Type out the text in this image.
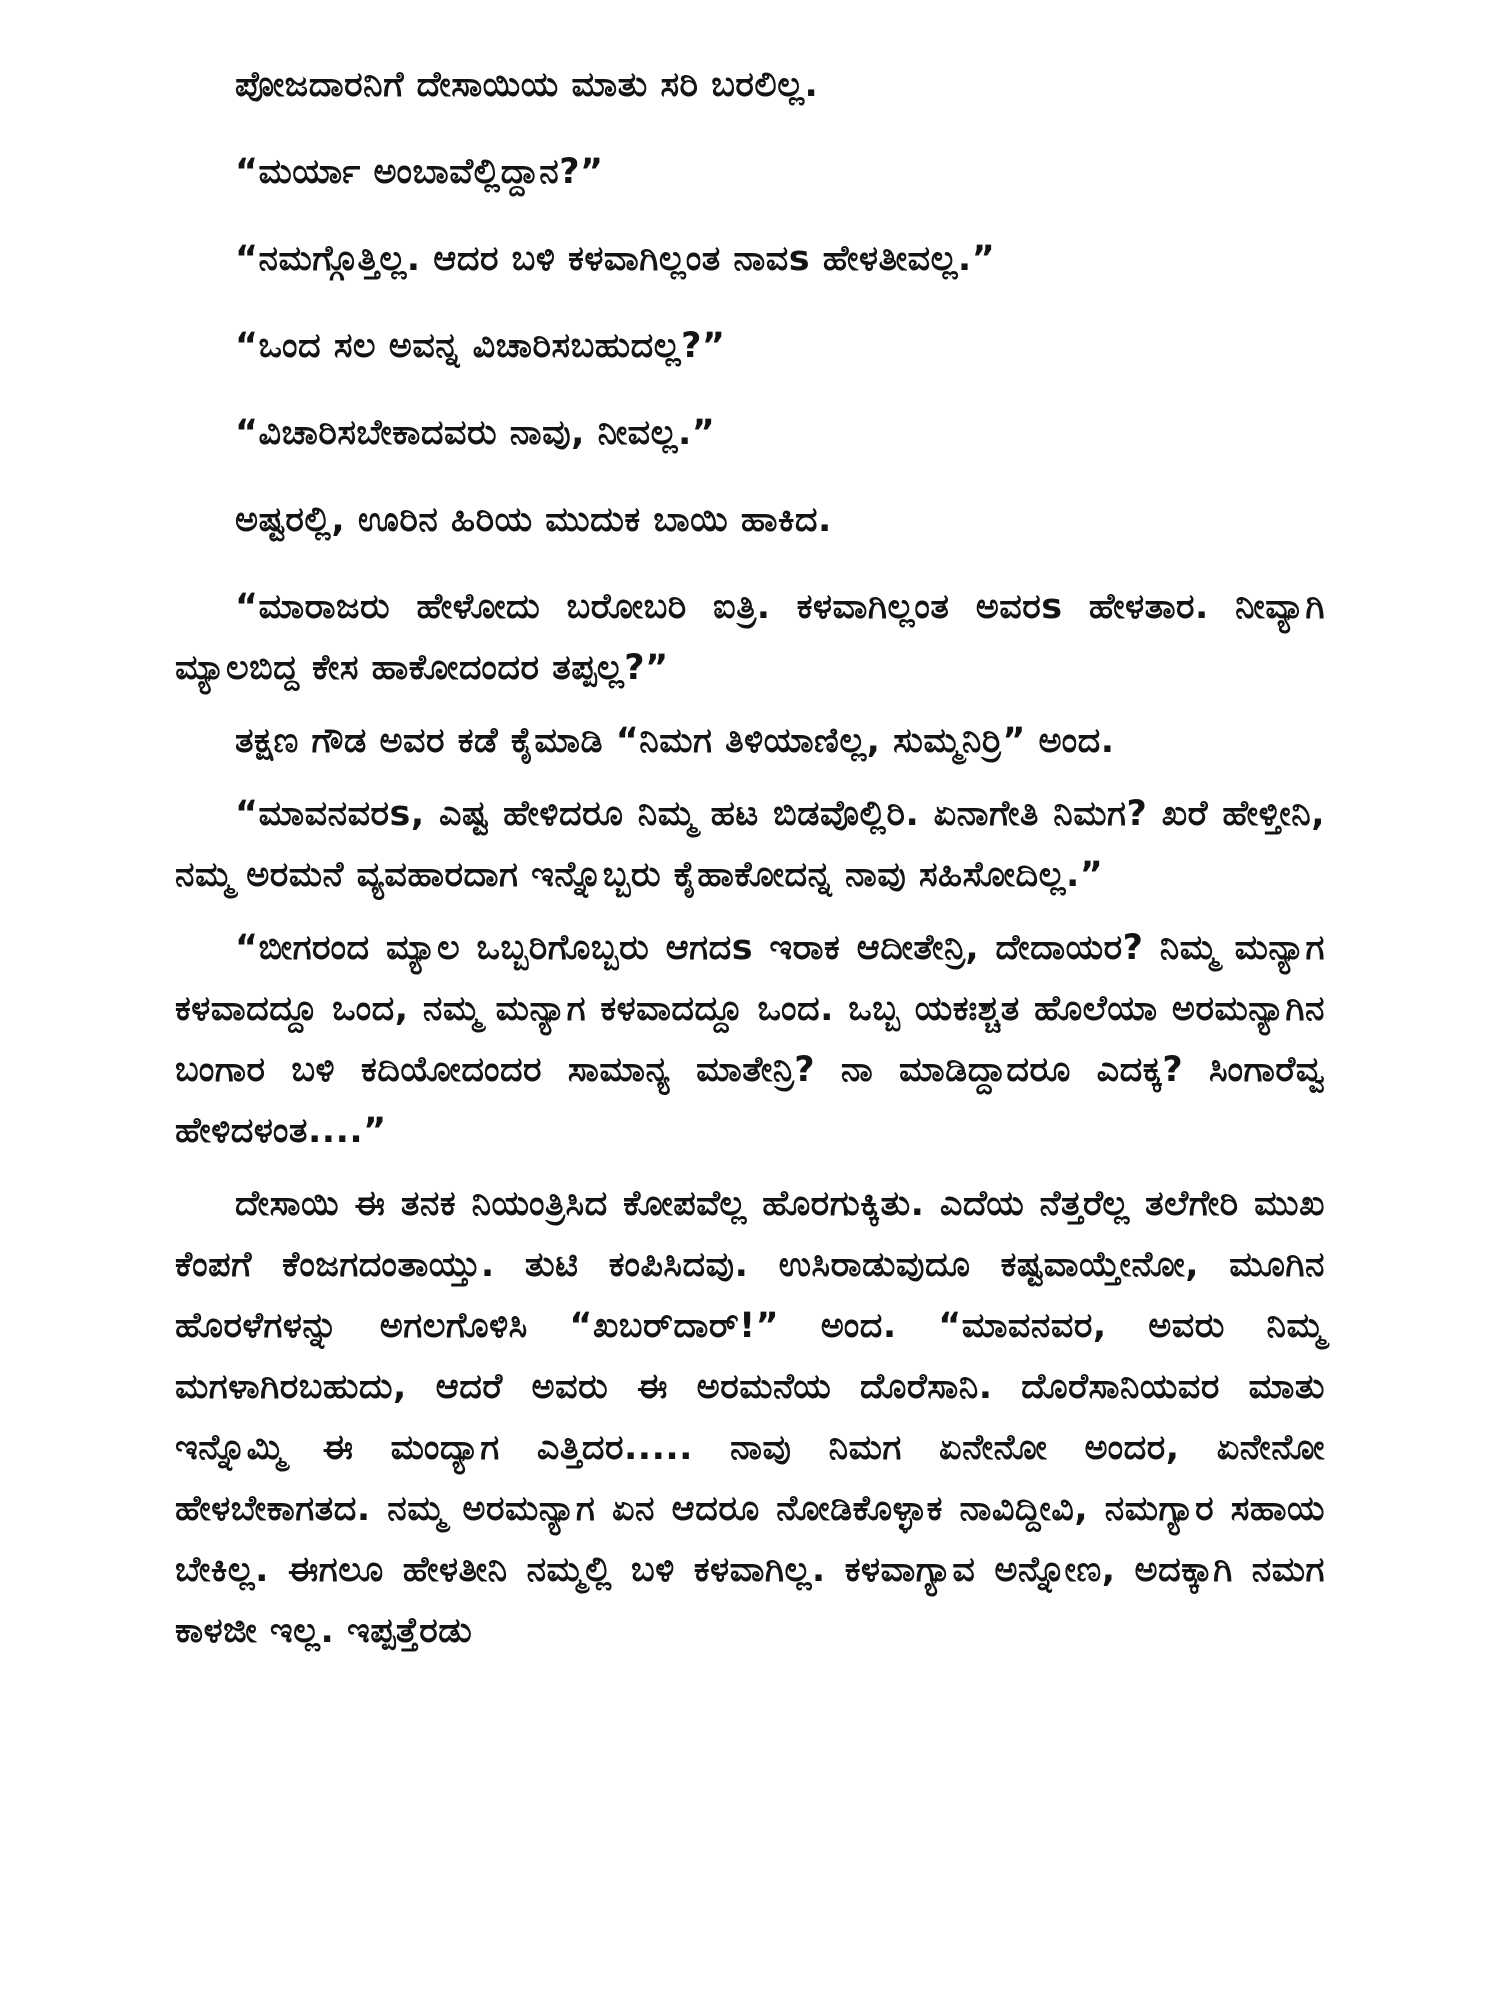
ಪೋಜದಾರನಿಗೆ ದೇಸಾಯಿಯ ಮಾತು ಸರಿ ಬರಲಿಲ್ಲ.

“ಮರ್ಯಾ ಅಂಬಾವೆಲ್ಲಿದ್ದಾನ?”

“ನಮಗ್ಗೊತ್ತಿಲ್ಲ. ಆದರ ಬಳಿ ಕಳವಾಗಿಲ್ಲಂತ ನಾವs ಹೇಳತೀವಲ್ಲ.”

“ಒಂದ ಸಲ ಅವನ್ನ ವಿಚಾರಿಸಬಹುದಲ್ಲ?”

“ವಿಚಾರಿಸಬೇಕಾದವರು ನಾವು, ನೀವಲ್ಲ.”

ಅಷ್ಟರಲ್ಲಿ, ಊರಿನ ಹಿರಿಯ ಮುದುಕ ಬಾಯಿ ಹಾಕಿದ.

“ಮಾರಾಜರು ಹೇಳೋದು ಬರೋಬರಿ ಐತ್ರಿ. ಕಳವಾಗಿಲ್ಲಂತ ಅವರs ಹೇಳತಾರ. ನೀವ್ಯಾಗಿ ಮ್ಯಾಲಬಿದ್ದ ಕೇಸ ಹಾಕೋದಂದರ ತಪ್ಪಲ್ಲ?”

ತಕ್ಷಣ ಗೌಡ ಅವರ ಕಡೆ ಕೈಮಾಡಿ “ನಿಮಗ ತಿಳಿಯಾಣಿಲ್ಲ, ಸುಮ್ಮನಿರ್ರಿ” ಅಂದ.

“ಮಾವನವರs, ಎಷ್ಟ ಹೇಳಿದರೂ ನಿಮ್ಮ ಹಟ ಬಿಡವೊಲ್ಲಿರಿ. ಏನಾಗೇತಿ ನಿಮಗ? ಖರೆ ಹೇಳ್ತೀನಿ, ನಮ್ಮ ಅರಮನೆ ವ್ಯವಹಾರದಾಗ ಇನ್ನೊಬ್ಬರು ಕೈಹಾಕೋದನ್ನ ನಾವು ಸಹಿಸೋದಿಲ್ಲ.”

“ಬೀಗರಂದ ಮ್ಯಾಲ ಒಬ್ಬರಿಗೊಬ್ಬರು ಆಗದs ಇರಾಕ ಆದೀತೇನ್ರಿ, ದೇದಾಯರ? ನಿಮ್ಮ ಮನ್ಯಾಗ ಕಳವಾದದ್ದೂ ಒಂದ, ನಮ್ಮ ಮನ್ಯಾಗ ಕಳವಾದದ್ದೂ ಒಂದ. ಒಬ್ಬ ಯಕಃಶ್ಚತ ಹೊಲೆಯಾ ಅರಮನ್ಯಾಗಿನ ಬಂಗಾರ ಬಳಿ ಕದಿಯೋದಂದರ ಸಾಮಾನ್ಯ ಮಾತೇನ್ರಿ? ನಾ ಮಾಡಿದ್ದಾದರೂ ಎದಕ್ಕ? ಸಿಂಗಾರೆವ್ವ ಹೇಳಿದಳಂತ....”

ದೇಸಾಯಿ ಈ ತನಕ ನಿಯಂತ್ರಿಸಿದ ಕೋಪವೆಲ್ಲ ಹೊರಗುಕ್ಕಿತು. ಎದೆಯ ನೆತ್ತರೆಲ್ಲ ತಲೆಗೇರಿ ಮುಖ ಕೆಂಪಗೆ ಕೆಂಜಗದಂತಾಯ್ತು. ತುಟಿ ಕಂಪಿಸಿದವು. ಉಸಿರಾಡುವುದೂ ಕಷ್ಟವಾಯ್ತೇನೋ, ಮೂಗಿನ ಹೊರಳೆಗಳನ್ನು ಅಗಲಗೊಳಿಸಿ “ಖಬರ್‌ದಾರ್!” ಅಂದ. “ಮಾವನವರ, ಅವರು ನಿಮ್ಮ ಮಗಳಾಗಿರಬಹುದು, ಆದರೆ ಅವರು ಈ ಅರಮನೆಯ ದೊರೆಸಾನಿ. ದೊರೆಸಾನಿಯವರ ಮಾತು ಇನ್ನೊಮ್ಮಿ ಈ ಮಂದ್ಯಾಗ ಎತ್ತಿದರ..... ನಾವು ನಿಮಗ ಏನೇನೋ ಅಂದರ, ಏನೇನೋ ಹೇಳಬೇಕಾಗತದ. ನಮ್ಮ ಅರಮನ್ಯಾಗ ಏನ ಆದರೂ ನೋಡಿಕೊಳ್ಳಾಕ ನಾವಿದ್ದೀವಿ, ನಮಗ್ಯಾರ ಸಹಾಯ ಬೇಕಿಲ್ಲ. ಈಗಲೂ ಹೇಳತೀನಿ ನಮ್ಮಲ್ಲಿ ಬಳಿ ಕಳವಾಗಿಲ್ಲ. ಕಳವಾಗ್ಯಾವ ಅನ್ನೋಣ, ಅದಕ್ಕಾಗಿ ನಮಗ ಕಾಳಜೀ ಇಲ್ಲ. ಇಪ್ಪತ್ತೆರಡು
